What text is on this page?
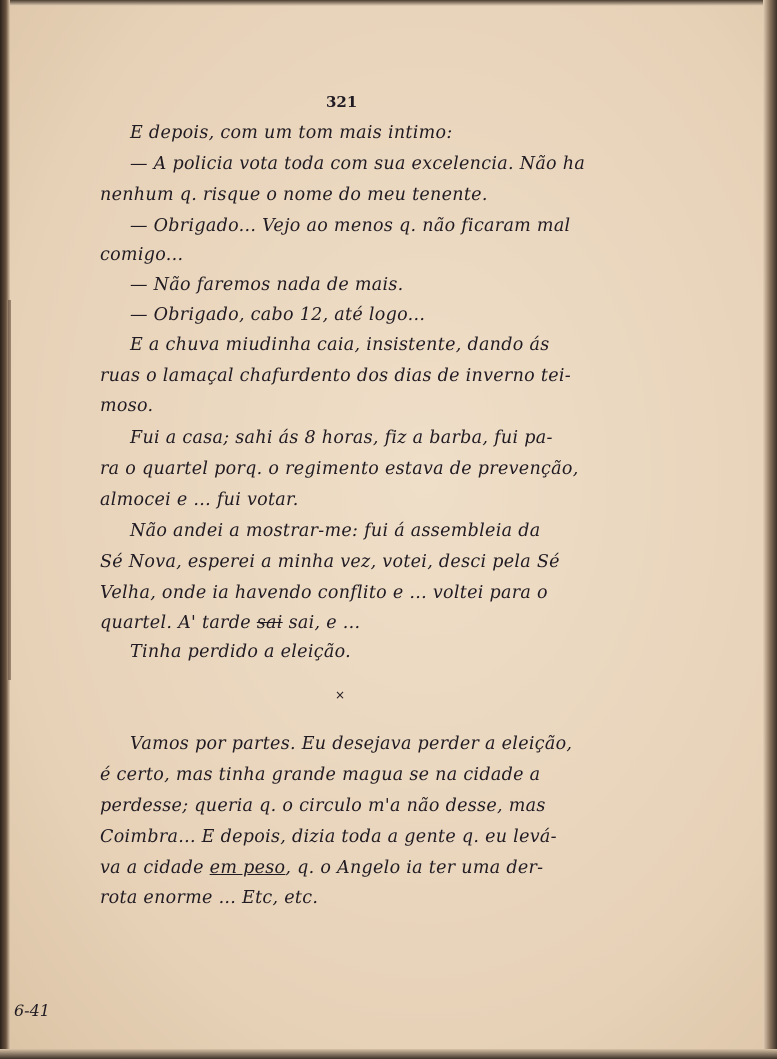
321
E depois, com um tom mais intimo:
— A policia vota toda com sua excelencia. Não ha
nenhum q. risque o nome do meu tenente.
— Obrigado... Vejo ao menos q. não ficaram mal
comigo...
— Não faremos nada de mais.
— Obrigado, cabo 12, até logo...
E a chuva miudinha caia, insistente, dando ás
ruas o lamaçal chafurdento dos dias de inverno tei-
moso.
Fui a casa; sahi ás 8 horas, fiz a barba, fui pa-
ra o quartel porq. o regimento estava de prevenção,
almocei e ... fui votar.
Não andei a mostrar-me: fui á assembleia da
Sé Nova, esperei a minha vez, votei, desci pela Sé
Velha, onde ia havendo conflito e ... voltei para o
quartel. A' tarde sai sai, e ...
Tinha perdido a eleição.
×
Vamos por partes. Eu desejava perder a eleição,
é certo, mas tinha grande magua se na cidade a
perdesse; queria q. o circulo m'a não desse, mas
Coimbra... E depois, dizia toda a gente q. eu levá-
va a cidade em peso, q. o Angelo ia ter uma der-
rota enorme ... Etc, etc.
6-41
